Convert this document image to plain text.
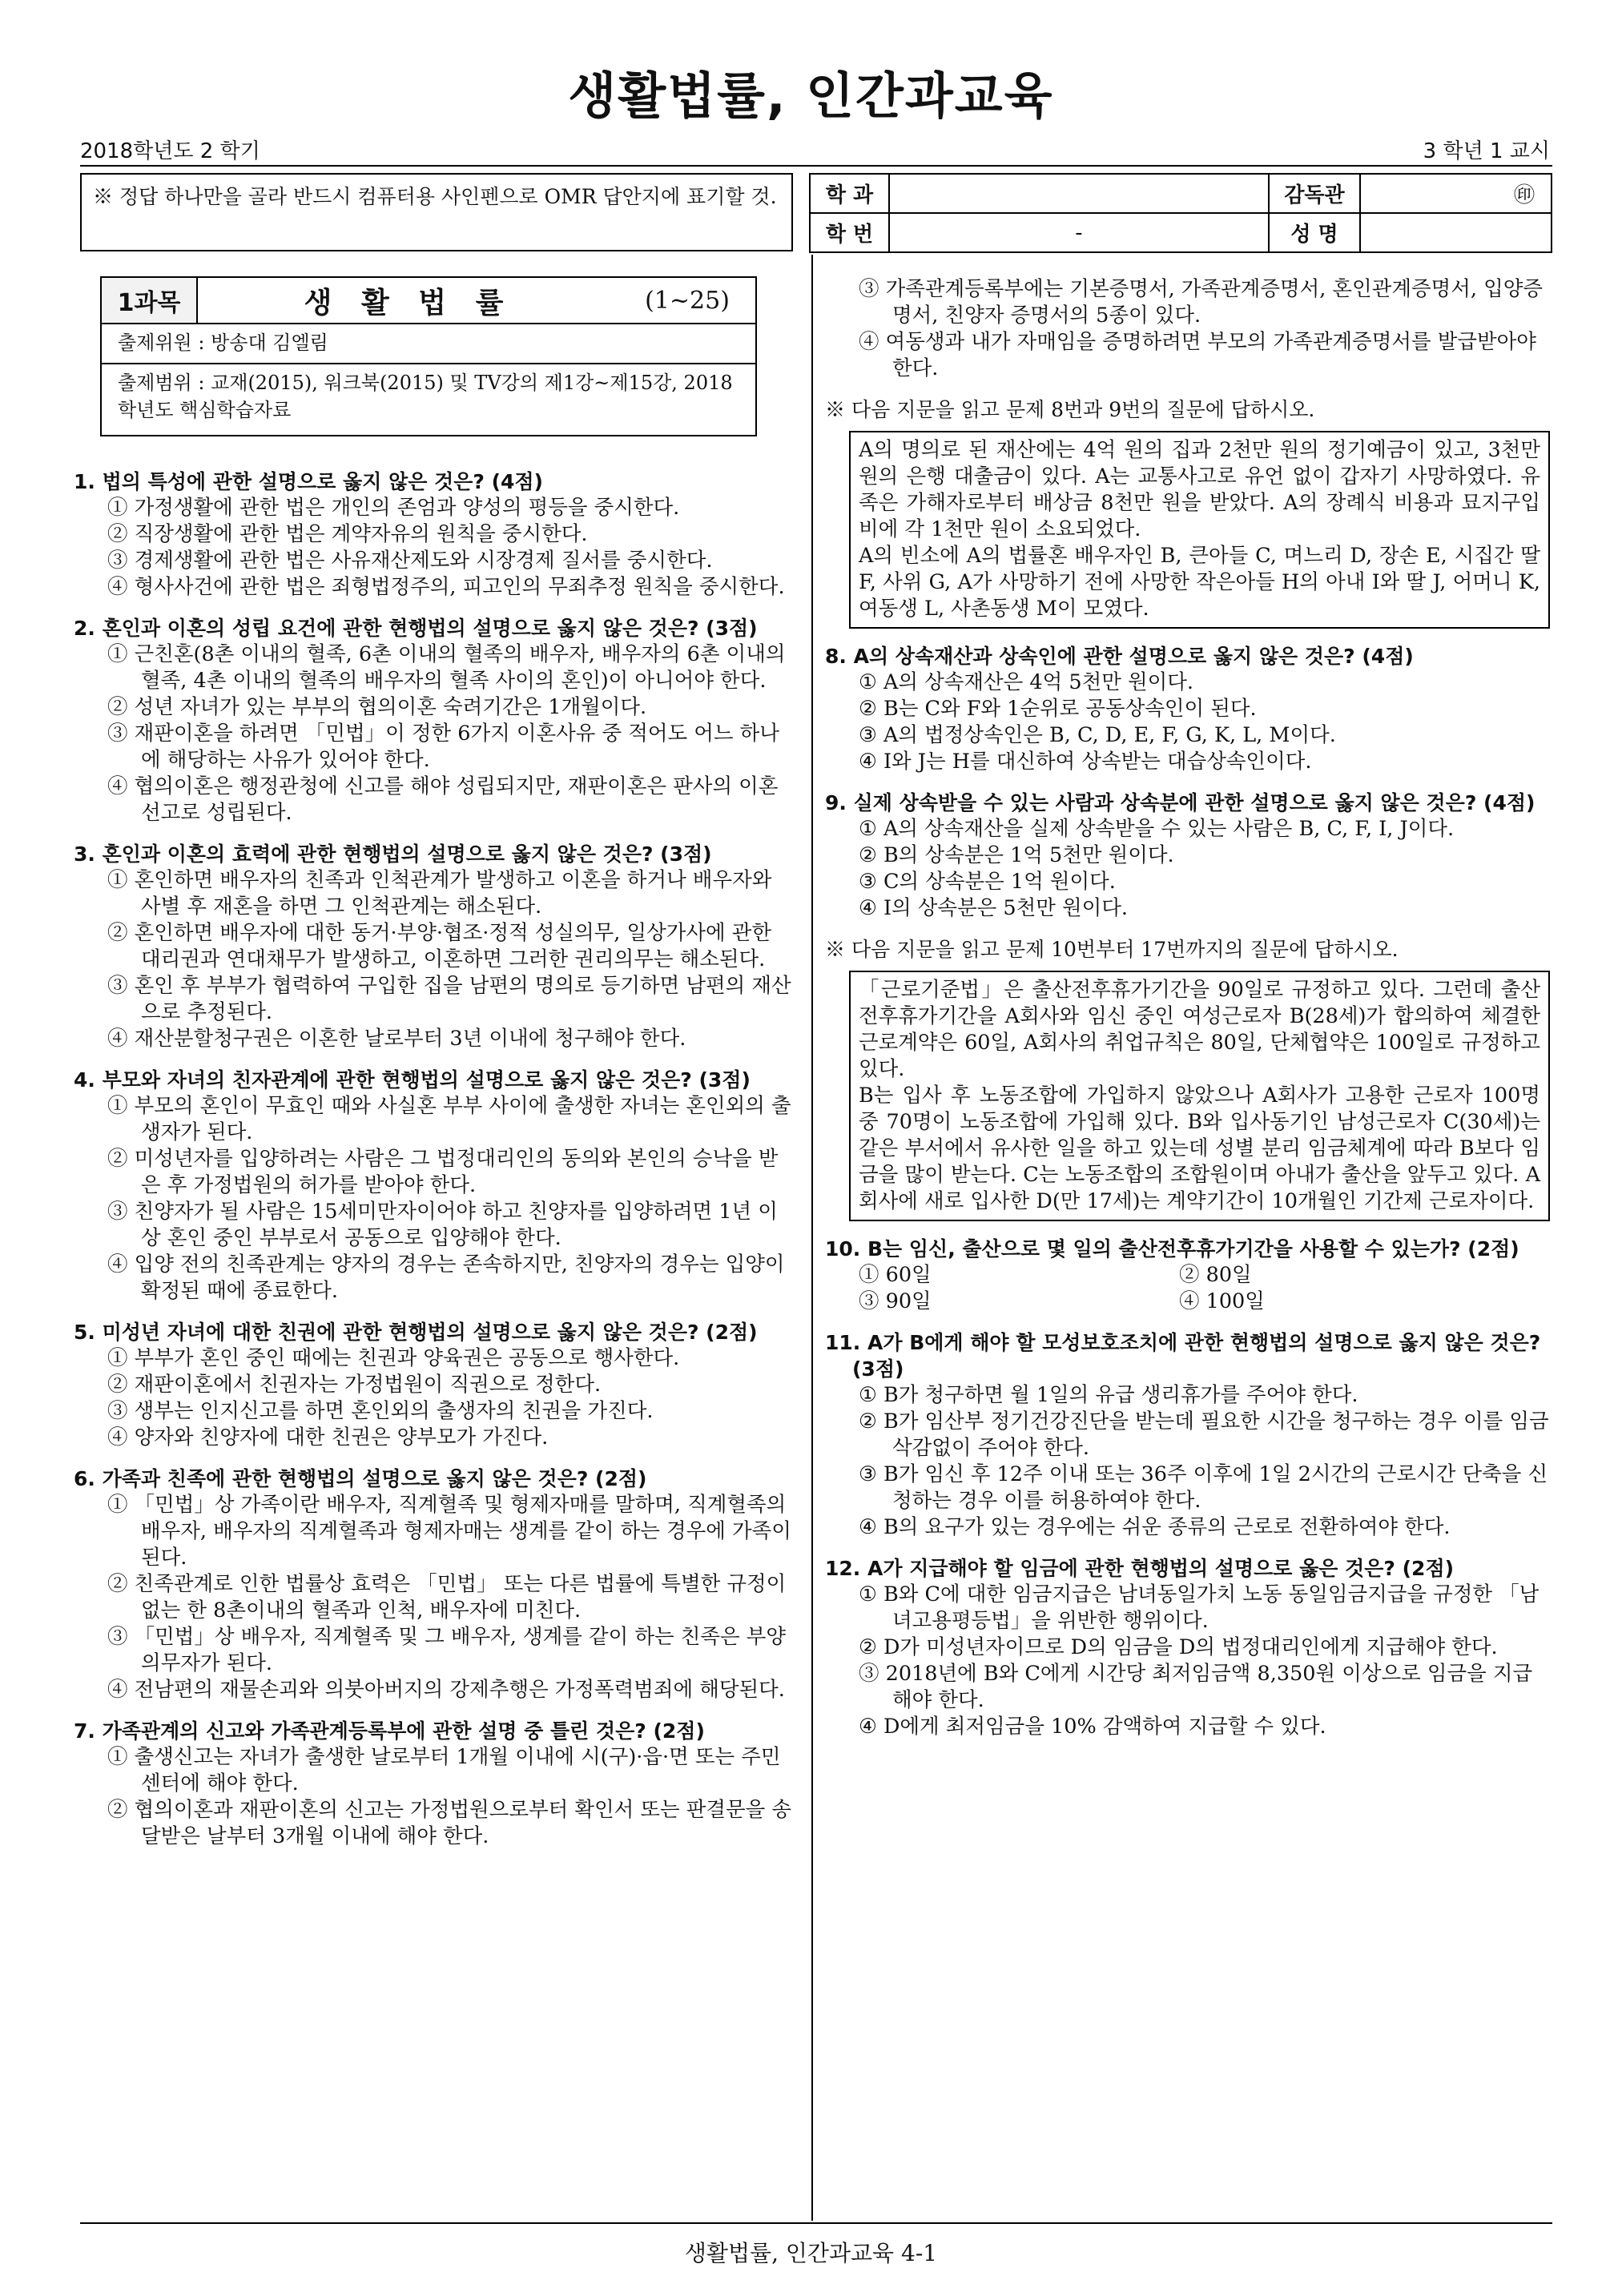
생활법률, 인간과교육
2018학년도 2 학기	3 학년 1 교시
※ 정답 하나만을 골라 반드시 컴퓨터용 사인펜으로 OMR 답안지에 표기할 것.	학 과		감독관	㊞
학 번	-	성 명	
1과목	생 활 법 률	(1~25)
출제위원 : 방송대 김엘림
출제범위 : 교재(2015), 워크북(2015) 및 TV강의 제1강~제15강, 2018학년도 핵심학습자료
1. 법의 특성에 관한 설명으로 옳지 않은 것은? (4점)
① 가정생활에 관한 법은 개인의 존엄과 양성의 평등을 중시한다.
② 직장생활에 관한 법은 계약자유의 원칙을 중시한다.
③ 경제생활에 관한 법은 사유재산제도와 시장경제 질서를 중시한다.
④ 형사사건에 관한 법은 죄형법정주의, 피고인의 무죄추정 원칙을 중시한다.
2. 혼인과 이혼의 성립 요건에 관한 현행법의 설명으로 옳지 않은 것은? (3점)
① 근친혼(8촌 이내의 혈족, 6촌 이내의 혈족의 배우자, 배우자의 6촌 이내의 혈족, 4촌 이내의 혈족의 배우자의 혈족 사이의 혼인)이 아니어야 한다.
② 성년 자녀가 있는 부부의 협의이혼 숙려기간은 1개월이다.
③ 재판이혼을 하려면 「민법」이 정한 6가지 이혼사유 중 적어도 어느 하나에 해당하는 사유가 있어야 한다.
④ 협의이혼은 행정관청에 신고를 해야 성립되지만, 재판이혼은 판사의 이혼선고로 성립된다.
3. 혼인과 이혼의 효력에 관한 현행법의 설명으로 옳지 않은 것은? (3점)
① 혼인하면 배우자의 친족과 인척관계가 발생하고 이혼을 하거나 배우자와 사별 후 재혼을 하면 그 인척관계는 해소된다.
② 혼인하면 배우자에 대한 동거·부양·협조·정적 성실의무, 일상가사에 관한 대리권과 연대채무가 발생하고, 이혼하면 그러한 권리의무는 해소된다.
③ 혼인 후 부부가 협력하여 구입한 집을 남편의 명의로 등기하면 남편의 재산으로 추정된다.
④ 재산분할청구권은 이혼한 날로부터 3년 이내에 청구해야 한다.
4. 부모와 자녀의 친자관계에 관한 현행법의 설명으로 옳지 않은 것은? (3점)
① 부모의 혼인이 무효인 때와 사실혼 부부 사이에 출생한 자녀는 혼인외의 출생자가 된다.
② 미성년자를 입양하려는 사람은 그 법정대리인의 동의와 본인의 승낙을 받은 후 가정법원의 허가를 받아야 한다.
③ 친양자가 될 사람은 15세미만자이어야 하고 친양자를 입양하려면 1년 이상 혼인 중인 부부로서 공동으로 입양해야 한다.
④ 입양 전의 친족관계는 양자의 경우는 존속하지만, 친양자의 경우는 입양이 확정된 때에 종료한다.
5. 미성년 자녀에 대한 친권에 관한 현행법의 설명으로 옳지 않은 것은? (2점)
① 부부가 혼인 중인 때에는 친권과 양육권은 공동으로 행사한다.
② 재판이혼에서 친권자는 가정법원이 직권으로 정한다.
③ 생부는 인지신고를 하면 혼인외의 출생자의 친권을 가진다.
④ 양자와 친양자에 대한 친권은 양부모가 가진다.
6. 가족과 친족에 관한 현행법의 설명으로 옳지 않은 것은? (2점)
① 「민법」상 가족이란 배우자, 직계혈족 및 형제자매를 말하며, 직계혈족의 배우자, 배우자의 직계혈족과 형제자매는 생계를 같이 하는 경우에 가족이 된다.
② 친족관계로 인한 법률상 효력은 「민법」 또는 다른 법률에 특별한 규정이 없는 한 8촌이내의 혈족과 인척, 배우자에 미친다.
③ 「민법」상 배우자, 직계혈족 및 그 배우자, 생계를 같이 하는 친족은 부양의무자가 된다.
④ 전남편의 재물손괴와 의붓아버지의 강제추행은 가정폭력범죄에 해당된다.
7. 가족관계의 신고와 가족관계등록부에 관한 설명 중 틀린 것은? (2점)
① 출생신고는 자녀가 출생한 날로부터 1개월 이내에 시(구)·읍·면 또는 주민센터에 해야 한다.
② 협의이혼과 재판이혼의 신고는 가정법원으로부터 확인서 또는 판결문을 송달받은 날부터 3개월 이내에 해야 한다.
③ 가족관계등록부에는 기본증명서, 가족관계증명서, 혼인관계증명서, 입양증명서, 친양자 증명서의 5종이 있다.
④ 여동생과 내가 자매임을 증명하려면 부모의 가족관계증명서를 발급받아야 한다.
※ 다음 지문을 읽고 문제 8번과 9번의 질문에 답하시오.
A의 명의로 된 재산에는 4억 원의 집과 2천만 원의 정기예금이 있고, 3천만 원의 은행 대출금이 있다. A는 교통사고로 유언 없이 갑자기 사망하였다. 유족은 가해자로부터 배상금 8천만 원을 받았다. A의 장례식 비용과 묘지구입비에 각 1천만 원이 소요되었다.
A의 빈소에 A의 법률혼 배우자인 B, 큰아들 C, 며느리 D, 장손 E, 시집간 딸 F, 사위 G, A가 사망하기 전에 사망한 작은아들 H의 아내 I와 딸 J, 어머니 K, 여동생 L, 사촌동생 M이 모였다.
8. A의 상속재산과 상속인에 관한 설명으로 옳지 않은 것은? (4점)
① A의 상속재산은 4억 5천만 원이다.
② B는 C와 F와 1순위로 공동상속인이 된다.
③ A의 법정상속인은 B, C, D, E, F, G, K, L, M이다.
④ I와 J는 H를 대신하여 상속받는 대습상속인이다.
9. 실제 상속받을 수 있는 사람과 상속분에 관한 설명으로 옳지 않은 것은? (4점)
① A의 상속재산을 실제 상속받을 수 있는 사람은 B, C, F, I, J이다.
② B의 상속분은 1억 5천만 원이다.
③ C의 상속분은 1억 원이다.
④ I의 상속분은 5천만 원이다.
※ 다음 지문을 읽고 문제 10번부터 17번까지의 질문에 답하시오.
「근로기준법」은 출산전후휴가기간을 90일로 규정하고 있다. 그런데 출산전후휴가기간을 A회사와 임신 중인 여성근로자 B(28세)가 합의하여 체결한 근로계약은 60일, A회사의 취업규칙은 80일, 단체협약은 100일로 규정하고 있다.
B는 입사 후 노동조합에 가입하지 않았으나 A회사가 고용한 근로자 100명 중 70명이 노동조합에 가입해 있다. B와 입사동기인 남성근로자 C(30세)는 같은 부서에서 유사한 일을 하고 있는데 성별 분리 임금체계에 따라 B보다 임금을 많이 받는다. C는 노동조합의 조합원이며 아내가 출산을 앞두고 있다. A회사에 새로 입사한 D(만 17세)는 계약기간이 10개월인 기간제 근로자이다.
10. B는 임신, 출산으로 몇 일의 출산전후휴가기간을 사용할 수 있는가? (2점)
① 60일	② 80일
③ 90일	④ 100일
11. A가 B에게 해야 할 모성보호조치에 관한 현행법의 설명으로 옳지 않은 것은? (3점)
① B가 청구하면 월 1일의 유급 생리휴가를 주어야 한다.
② B가 임산부 정기건강진단을 받는데 필요한 시간을 청구하는 경우 이를 임금 삭감없이 주어야 한다.
③ B가 임신 후 12주 이내 또는 36주 이후에 1일 2시간의 근로시간 단축을 신청하는 경우 이를 허용하여야 한다.
④ B의 요구가 있는 경우에는 쉬운 종류의 근로로 전환하여야 한다.
12. A가 지급해야 할 임금에 관한 현행법의 설명으로 옳은 것은? (2점)
① B와 C에 대한 임금지급은 남녀동일가치 노동 동일임금지급을 규정한 「남녀고용평등법」을 위반한 행위이다.
② D가 미성년자이므로 D의 임금을 D의 법정대리인에게 지급해야 한다.
③ 2018년에 B와 C에게 시간당 최저임금액 8,350원 이상으로 임금을 지급해야 한다.
④ D에게 최저임금을 10% 감액하여 지급할 수 있다.
생활법률, 인간과교육 4-1
